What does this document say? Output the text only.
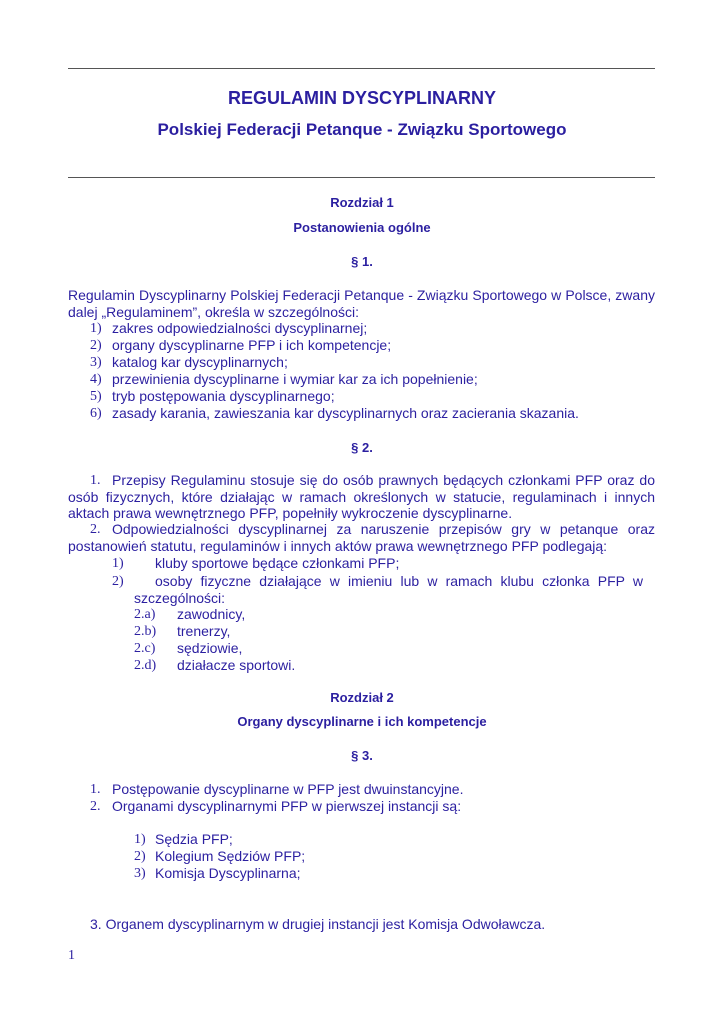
REGULAMIN DYSCYPLINARNY
Polskiej Federacji Petanque - Związku Sportowego
Rozdział 1
Postanowienia ogólne
§ 1.
Regulamin Dyscyplinarny Polskiej Federacji Petanque - Związku Sportowego w Polsce, zwany dalej „Regulaminem”, określa w szczególności:
1) zakres odpowiedzialności dyscyplinarnej;
2) organy dyscyplinarne PFP i ich kompetencje;
3) katalog kar dyscyplinarnych;
4) przewinienia dyscyplinarne i wymiar kar za ich popełnienie;
5) tryb postępowania dyscyplinarnego;
6) zasady karania, zawieszania kar dyscyplinarnych oraz zacierania skazania.
§ 2.
1. Przepisy Regulaminu stosuje się do osób prawnych będących członkami PFP oraz do osób fizycznych, które działając w ramach określonych w statucie, regulaminach i innych aktach prawa wewnętrznego PFP, popełniły wykroczenie dyscyplinarne.
2. Odpowiedzialności dyscyplinarnej za naruszenie przepisów gry w petanque oraz postanowień statutu, regulaminów i innych aktów prawa wewnętrznego PFP podlegają:
1) kluby sportowe będące członkami PFP;
2) osoby fizyczne działające w imieniu lub w ramach klubu członka PFP w
szczególności:
2.a) zawodnicy,
2.b) trenerzy,
2.c) sędziowie,
2.d) działacze sportowi.
Rozdział 2
Organy dyscyplinarne i ich kompetencje
§ 3.
1. Postępowanie dyscyplinarne w PFP jest dwuinstancyjne.
2. Organami dyscyplinarnymi PFP w pierwszej instancji są:
1) Sędzia PFP;
2) Kolegium Sędziów PFP;
3) Komisja Dyscyplinarna;
3. Organem dyscyplinarnym w drugiej instancji jest Komisja Odwoławcza.
1
